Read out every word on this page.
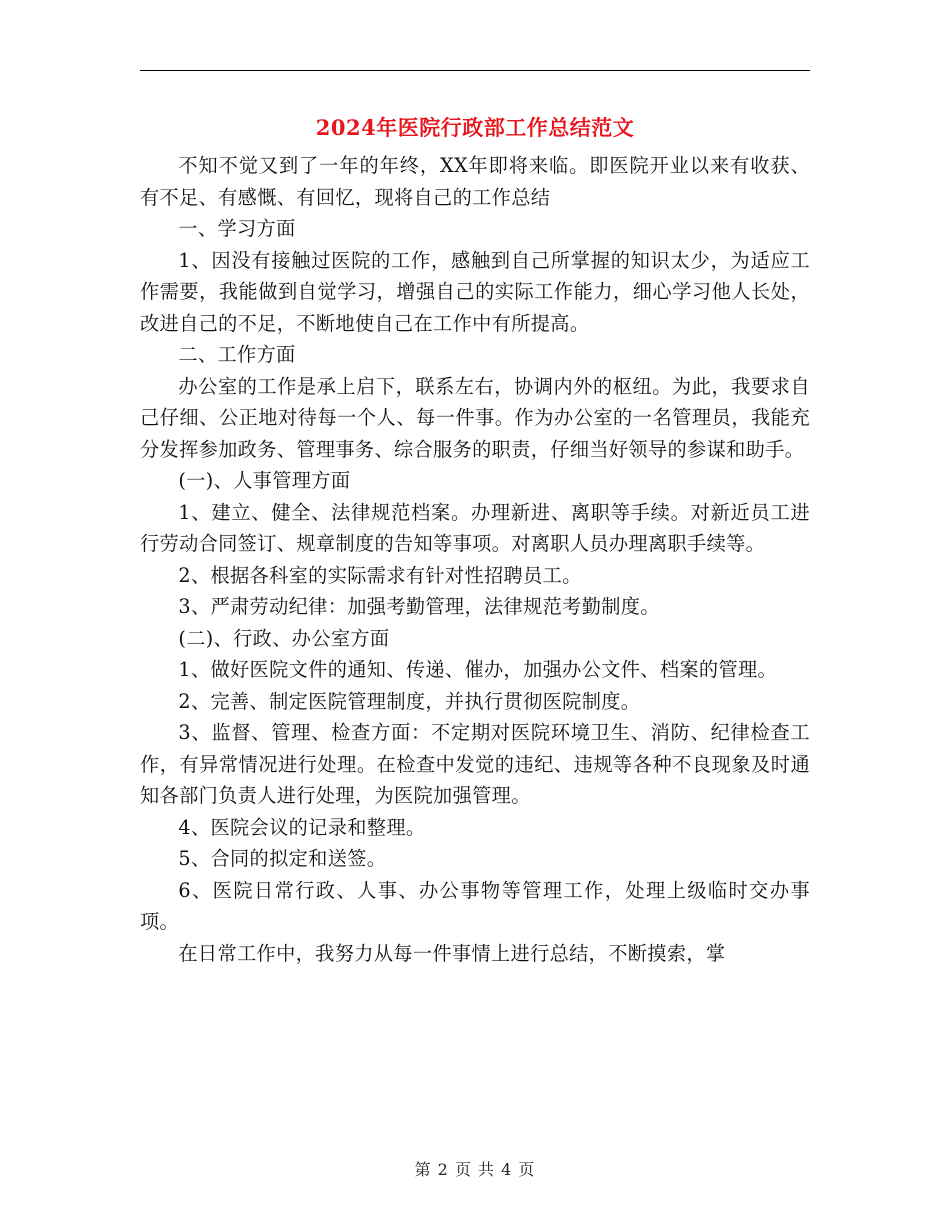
2024年医院行政部工作总结范文

不知不觉又到了一年的年终，XX年即将来临。即医院开业以来有收获、有不足、有感慨、有回忆，现将自己的工作总结

一、学习方面

1、因没有接触过医院的工作，感触到自己所掌握的知识太少，为适应工作需要，我能做到自觉学习，增强自己的实际工作能力，细心学习他人长处，改进自己的不足，不断地使自己在工作中有所提高。

二、工作方面

办公室的工作是承上启下，联系左右，协调内外的枢纽。为此，我要求自己仔细、公正地对待每一个人、每一件事。作为办公室的一名管理员，我能充分发挥参加政务、管理事务、综合服务的职责，仔细当好领导的参谋和助手。

(一)、人事管理方面

1、建立、健全、法律规范档案。办理新进、离职等手续。对新近员工进行劳动合同签订、规章制度的告知等事项。对离职人员办理离职手续等。

2、根据各科室的实际需求有针对性招聘员工。

3、严肃劳动纪律：加强考勤管理，法律规范考勤制度。

(二)、行政、办公室方面

1、做好医院文件的通知、传递、催办，加强办公文件、档案的管理。

2、完善、制定医院管理制度，并执行贯彻医院制度。

3、监督、管理、检查方面：不定期对医院环境卫生、消防、纪律检查工作，有异常情况进行处理。在检查中发觉的违纪、违规等各种不良现象及时通知各部门负责人进行处理，为医院加强管理。

4、医院会议的记录和整理。

5、合同的拟定和送签。

6、医院日常行政、人事、办公事物等管理工作，处理上级临时交办事项。

在日常工作中，我努力从每一件事情上进行总结，不断摸索，掌

第 2 页 共 4 页
